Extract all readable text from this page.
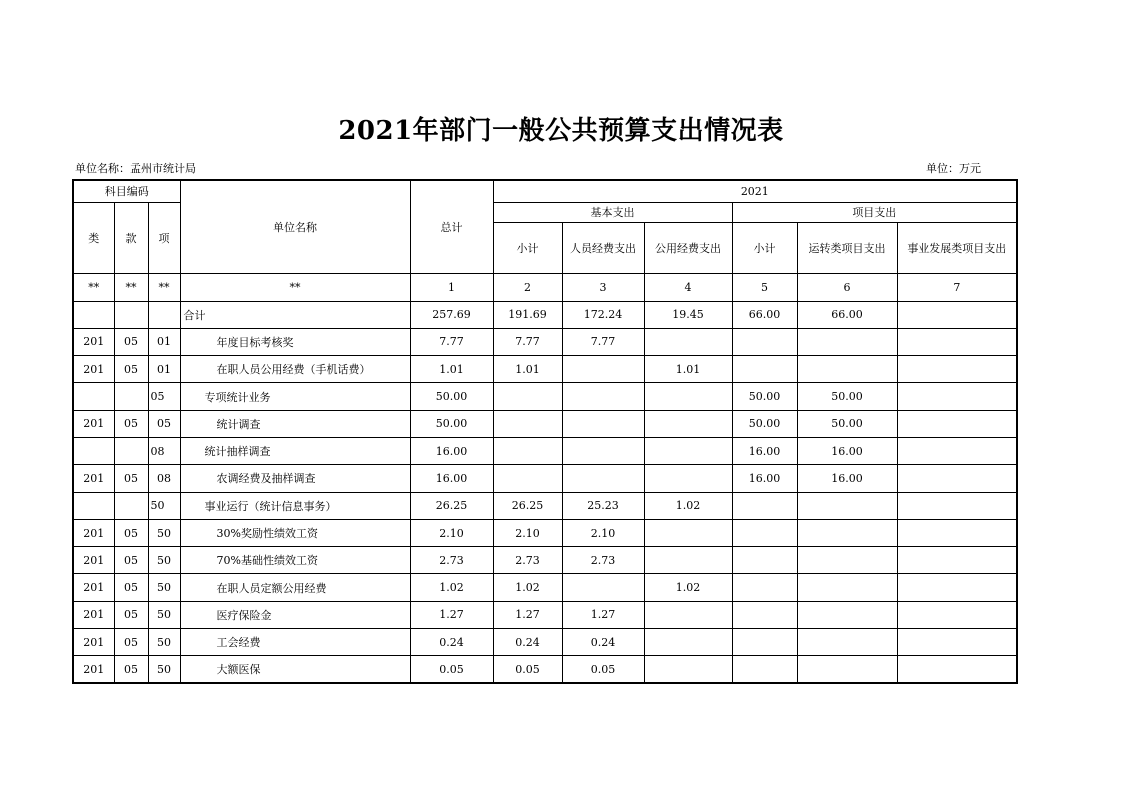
2021年部门一般公共预算支出情况表
单位名称：孟州市统计局	单位：万元
科目编码			单位名称	总计	2021					
类	款	项			基本支出			项目支出		
					小计	人员经费支出	公用经费支出	小计	运转类项目支出	事业发展类项目支出
**	**	**	**	1	2	3	4	5	6	7
			合计	257.69	191.69	172.24	19.45	66.00	66.00	
201	05	01	年度目标考核奖	7.77	7.77	7.77				
201	05	01	在职人员公用经费（手机话费）	1.01	1.01		1.01			
		05	专项统计业务	50.00				50.00	50.00	
201	05	05	统计调查	50.00				50.00	50.00	
		08	统计抽样调查	16.00				16.00	16.00	
201	05	08	农调经费及抽样调查	16.00				16.00	16.00	
		50	事业运行（统计信息事务）	26.25	26.25	25.23	1.02			
201	05	50	30%奖励性绩效工资	2.10	2.10	2.10				
201	05	50	70%基础性绩效工资	2.73	2.73	2.73				
201	05	50	在职人员定额公用经费	1.02	1.02		1.02			
201	05	50	医疗保险金	1.27	1.27	1.27				
201	05	50	工会经费	0.24	0.24	0.24				
201	05	50	大额医保	0.05	0.05	0.05				
